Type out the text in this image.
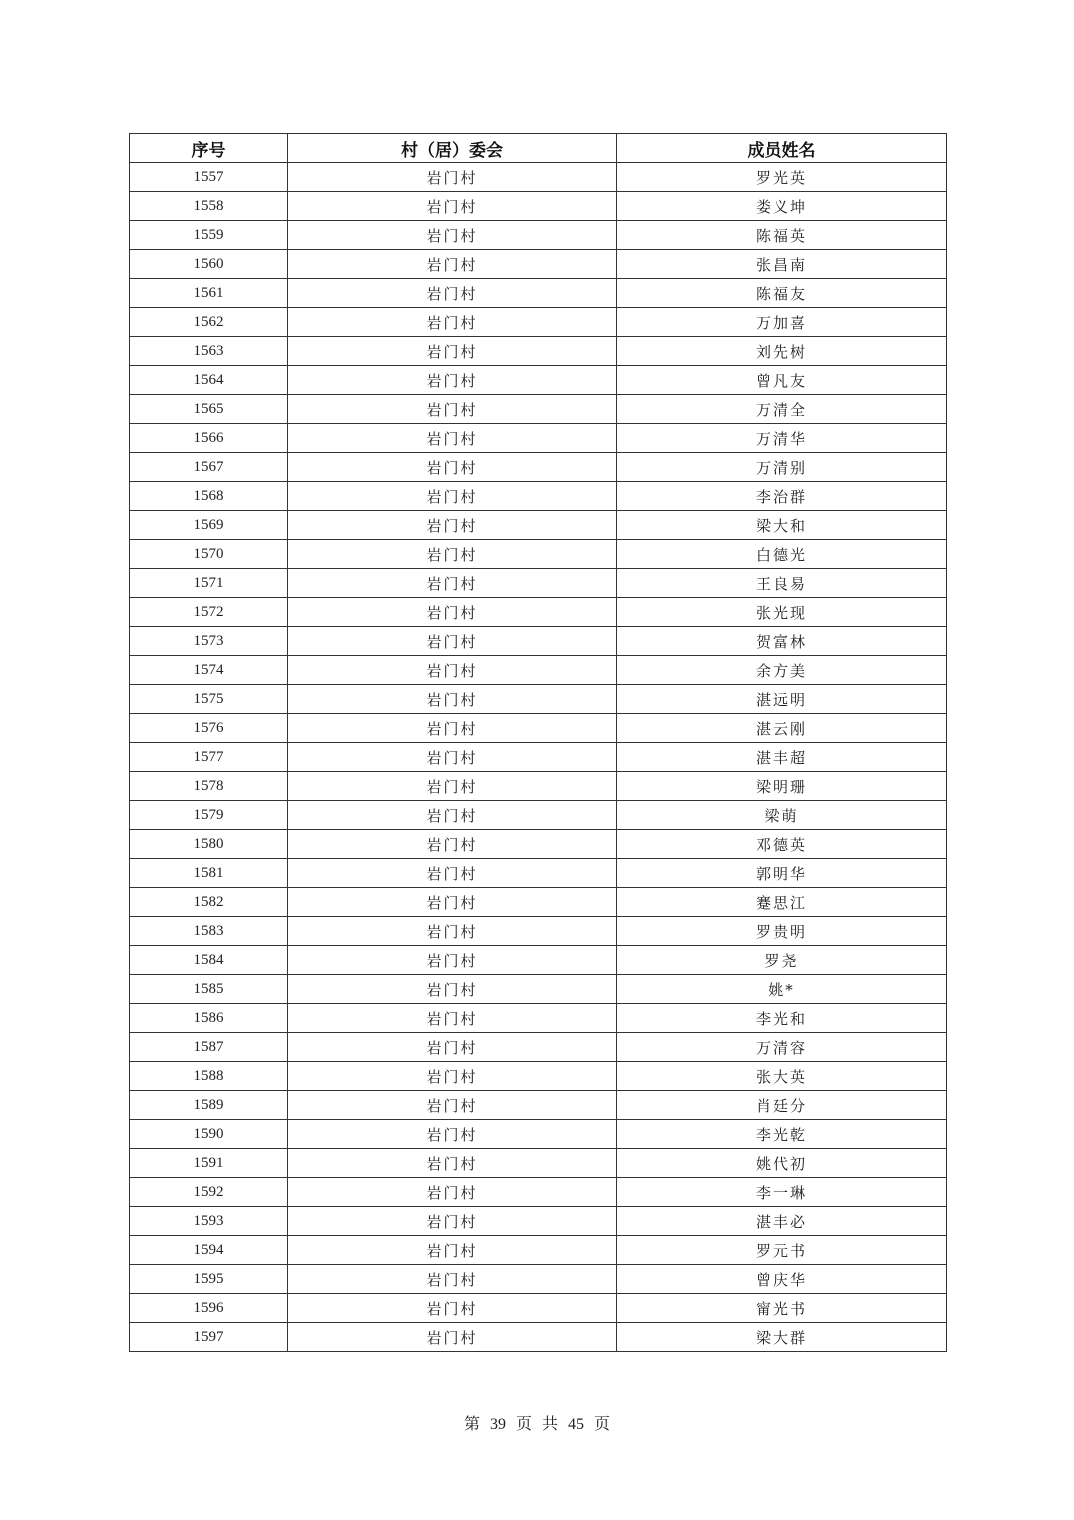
序号	村（居）委会	成员姓名
1557	岩门村	罗光英
1558	岩门村	娄义坤
1559	岩门村	陈福英
1560	岩门村	张昌南
1561	岩门村	陈福友
1562	岩门村	万加喜
1563	岩门村	刘先树
1564	岩门村	曾凡友
1565	岩门村	万清全
1566	岩门村	万清华
1567	岩门村	万清别
1568	岩门村	李治群
1569	岩门村	梁大和
1570	岩门村	白德光
1571	岩门村	王良易
1572	岩门村	张光现
1573	岩门村	贺富林
1574	岩门村	余方美
1575	岩门村	湛远明
1576	岩门村	湛云刚
1577	岩门村	湛丰超
1578	岩门村	梁明珊
1579	岩门村	梁萌
1580	岩门村	邓德英
1581	岩门村	郭明华
1582	岩门村	蹇思江
1583	岩门村	罗贵明
1584	岩门村	罗尧
1585	岩门村	姚*
1586	岩门村	李光和
1587	岩门村	万清容
1588	岩门村	张大英
1589	岩门村	肖廷分
1590	岩门村	李光乾
1591	岩门村	姚代初
1592	岩门村	李一琳
1593	岩门村	湛丰必
1594	岩门村	罗元书
1595	岩门村	曾庆华
1596	岩门村	甯光书
1597	岩门村	梁大群
第 39 页 共 45 页
